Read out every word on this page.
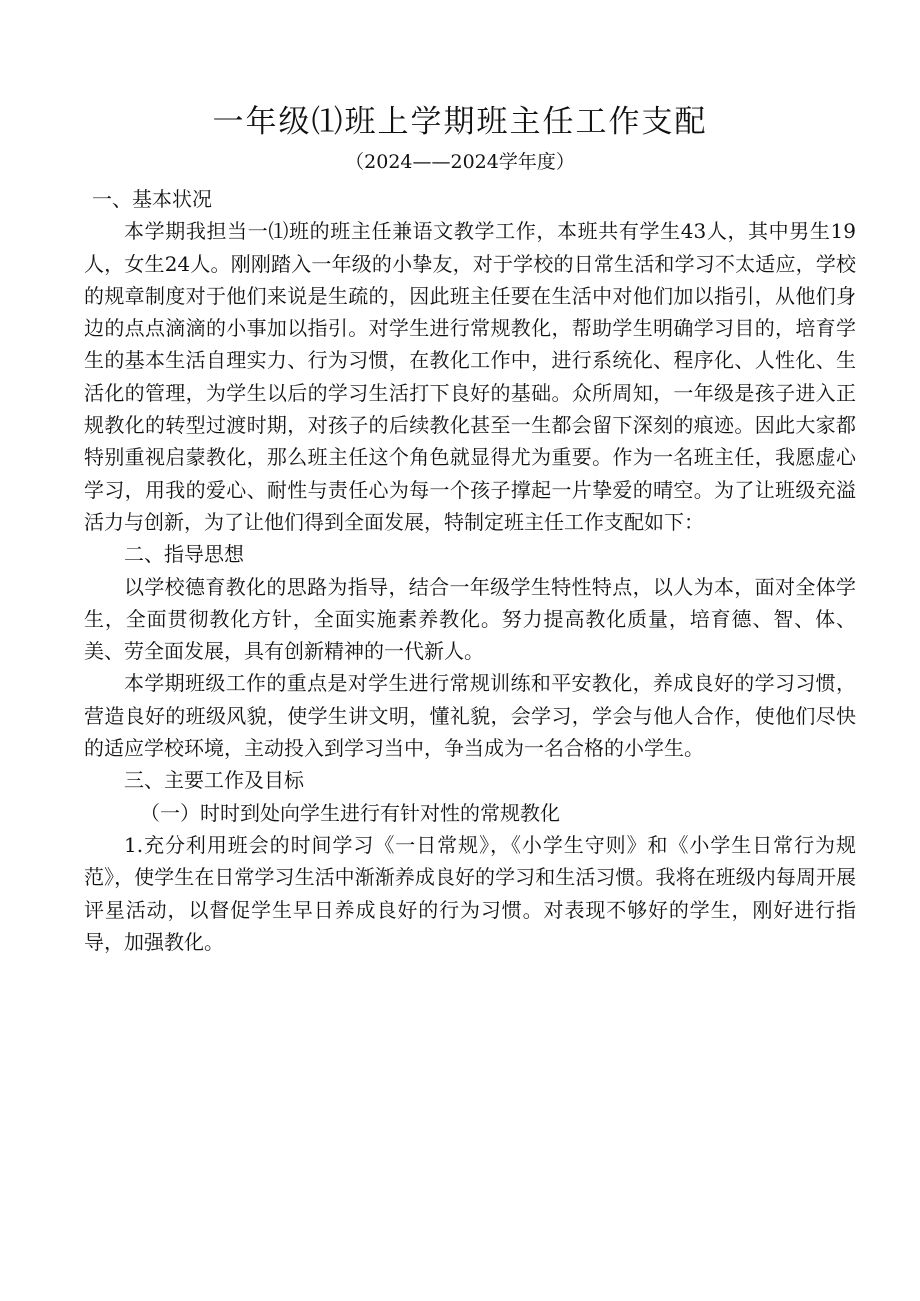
一年级⑴班上学期班主任工作支配
（2024——2024学年度）

一、基本状况

本学期我担当一⑴班的班主任兼语文教学工作，本班共有学生43人，其中男生19人，女生24人。刚刚踏入一年级的小挚友，对于学校的日常生活和学习不太适应，学校的规章制度对于他们来说是生疏的，因此班主任要在生活中对他们加以指引，从他们身边的点点滴滴的小事加以指引。对学生进行常规教化，帮助学生明确学习目的，培育学生的基本生活自理实力、行为习惯，在教化工作中，进行系统化、程序化、人性化、生活化的管理，为学生以后的学习生活打下良好的基础。众所周知，一年级是孩子进入正规教化的转型过渡时期，对孩子的后续教化甚至一生都会留下深刻的痕迹。因此大家都特别重视启蒙教化，那么班主任这个角色就显得尤为重要。作为一名班主任，我愿虚心学习，用我的爱心、耐性与责任心为每一个孩子撑起一片挚爱的晴空。为了让班级充溢活力与创新，为了让他们得到全面发展，特制定班主任工作支配如下：

二、指导思想

以学校德育教化的思路为指导，结合一年级学生特性特点，以人为本，面对全体学生，全面贯彻教化方针，全面实施素养教化。努力提高教化质量，培育德、智、体、美、劳全面发展，具有创新精神的一代新人。

本学期班级工作的重点是对学生进行常规训练和平安教化，养成良好的学习习惯，营造良好的班级风貌，使学生讲文明，懂礼貌，会学习，学会与他人合作，使他们尽快的适应学校环境，主动投入到学习当中，争当成为一名合格的小学生。

三、主要工作及目标

（一）时时到处向学生进行有针对性的常规教化

1.充分利用班会的时间学习《一日常规》，《小学生守则》和《小学生日常行为规范》，使学生在日常学习生活中渐渐养成良好的学习和生活习惯。我将在班级内每周开展评星活动，以督促学生早日养成良好的行为习惯。对表现不够好的学生，刚好进行指导，加强教化。
